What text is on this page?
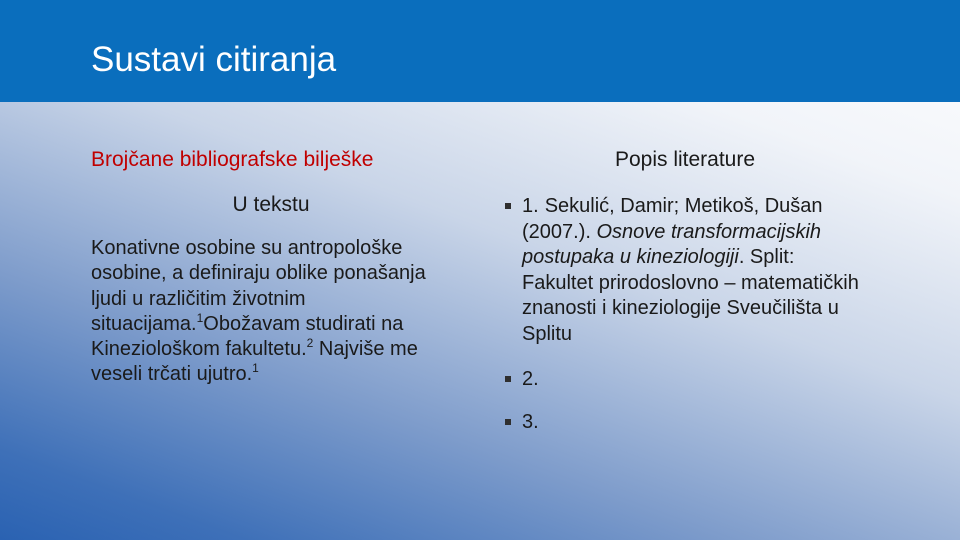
Sustavi citiranja
Brojčane bibliografske bilješke
U tekstu
Konativne osobine su antropološke osobine, a definiraju oblike ponašanja ljudi u različitim životnim situacijama.$^1$Obožavam studirati na Kineziološkom fakultetu.$^2$ Najviše me veseli trčati ujutro.$^1$
Popis literature
1. Sekulić, Damir; Metikoš, Dušan (2007.). Osnove transformacijskih postupaka u kineziologiji. Split: Fakultet prirodoslovno – matematičkih znanosti i kineziologije Sveučilišta u Splitu
2.
3.
